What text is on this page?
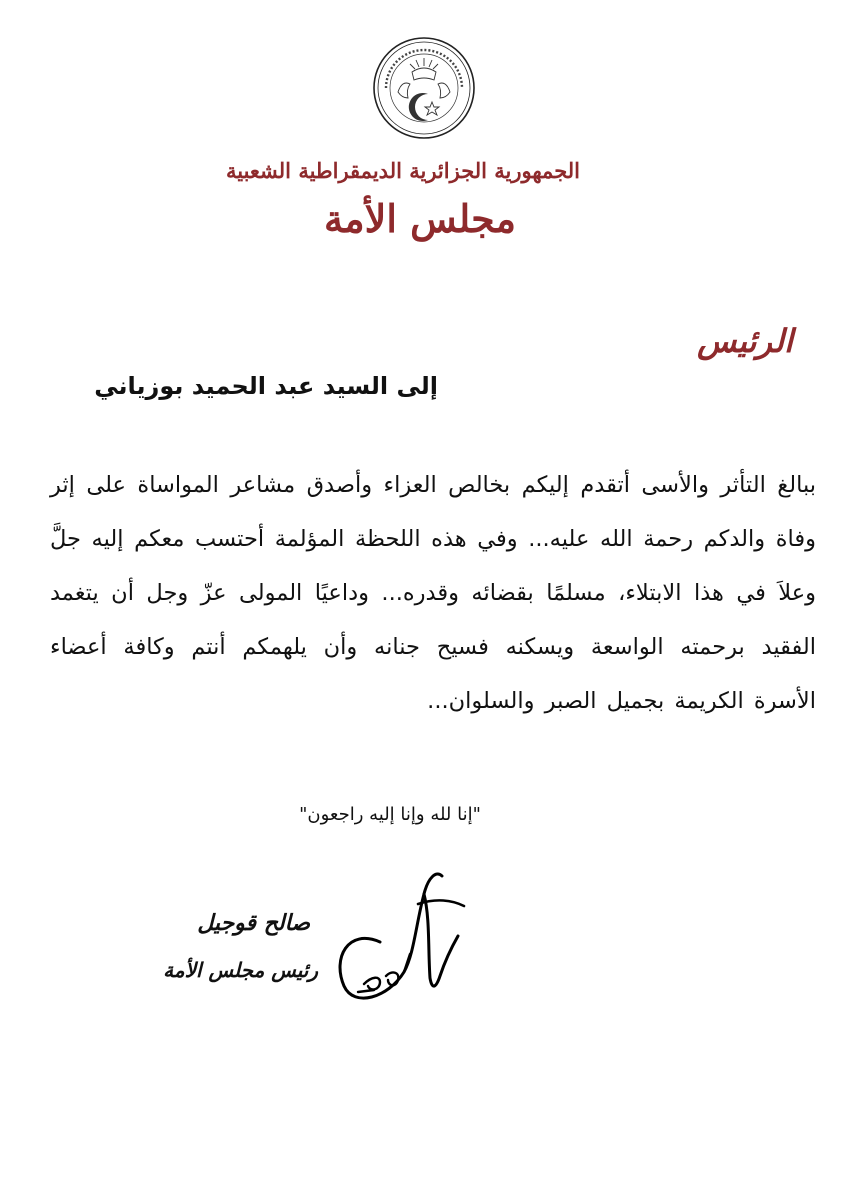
الجمهورية الجزائرية الديمقراطية الشعبية
مجلس الأمة
الرئيس
إلى السيد عبد الحميد بوزياني
ببالغ التأثر والأسى أتقدم إليكم بخالص العزاء وأصدق مشاعر المواساة على إثر وفاة والدكم رحمة الله عليه... وفي هذه اللحظة المؤلمة أحتسب معكم إليه جلَّ وعلاَ في هذا الابتلاء، مسلمًا بقضائه وقدره... وداعيًا المولى عزّ وجل أن يتغمد الفقيد برحمته الواسعة ويسكنه فسيح جنانه وأن يلهمكم أنتم وكافة أعضاء الأسرة الكريمة بجميل الصبر والسلوان...
"إنا لله وإنا إليه راجعون"
صالح قوجيل
رئيس مجلس الأمة
